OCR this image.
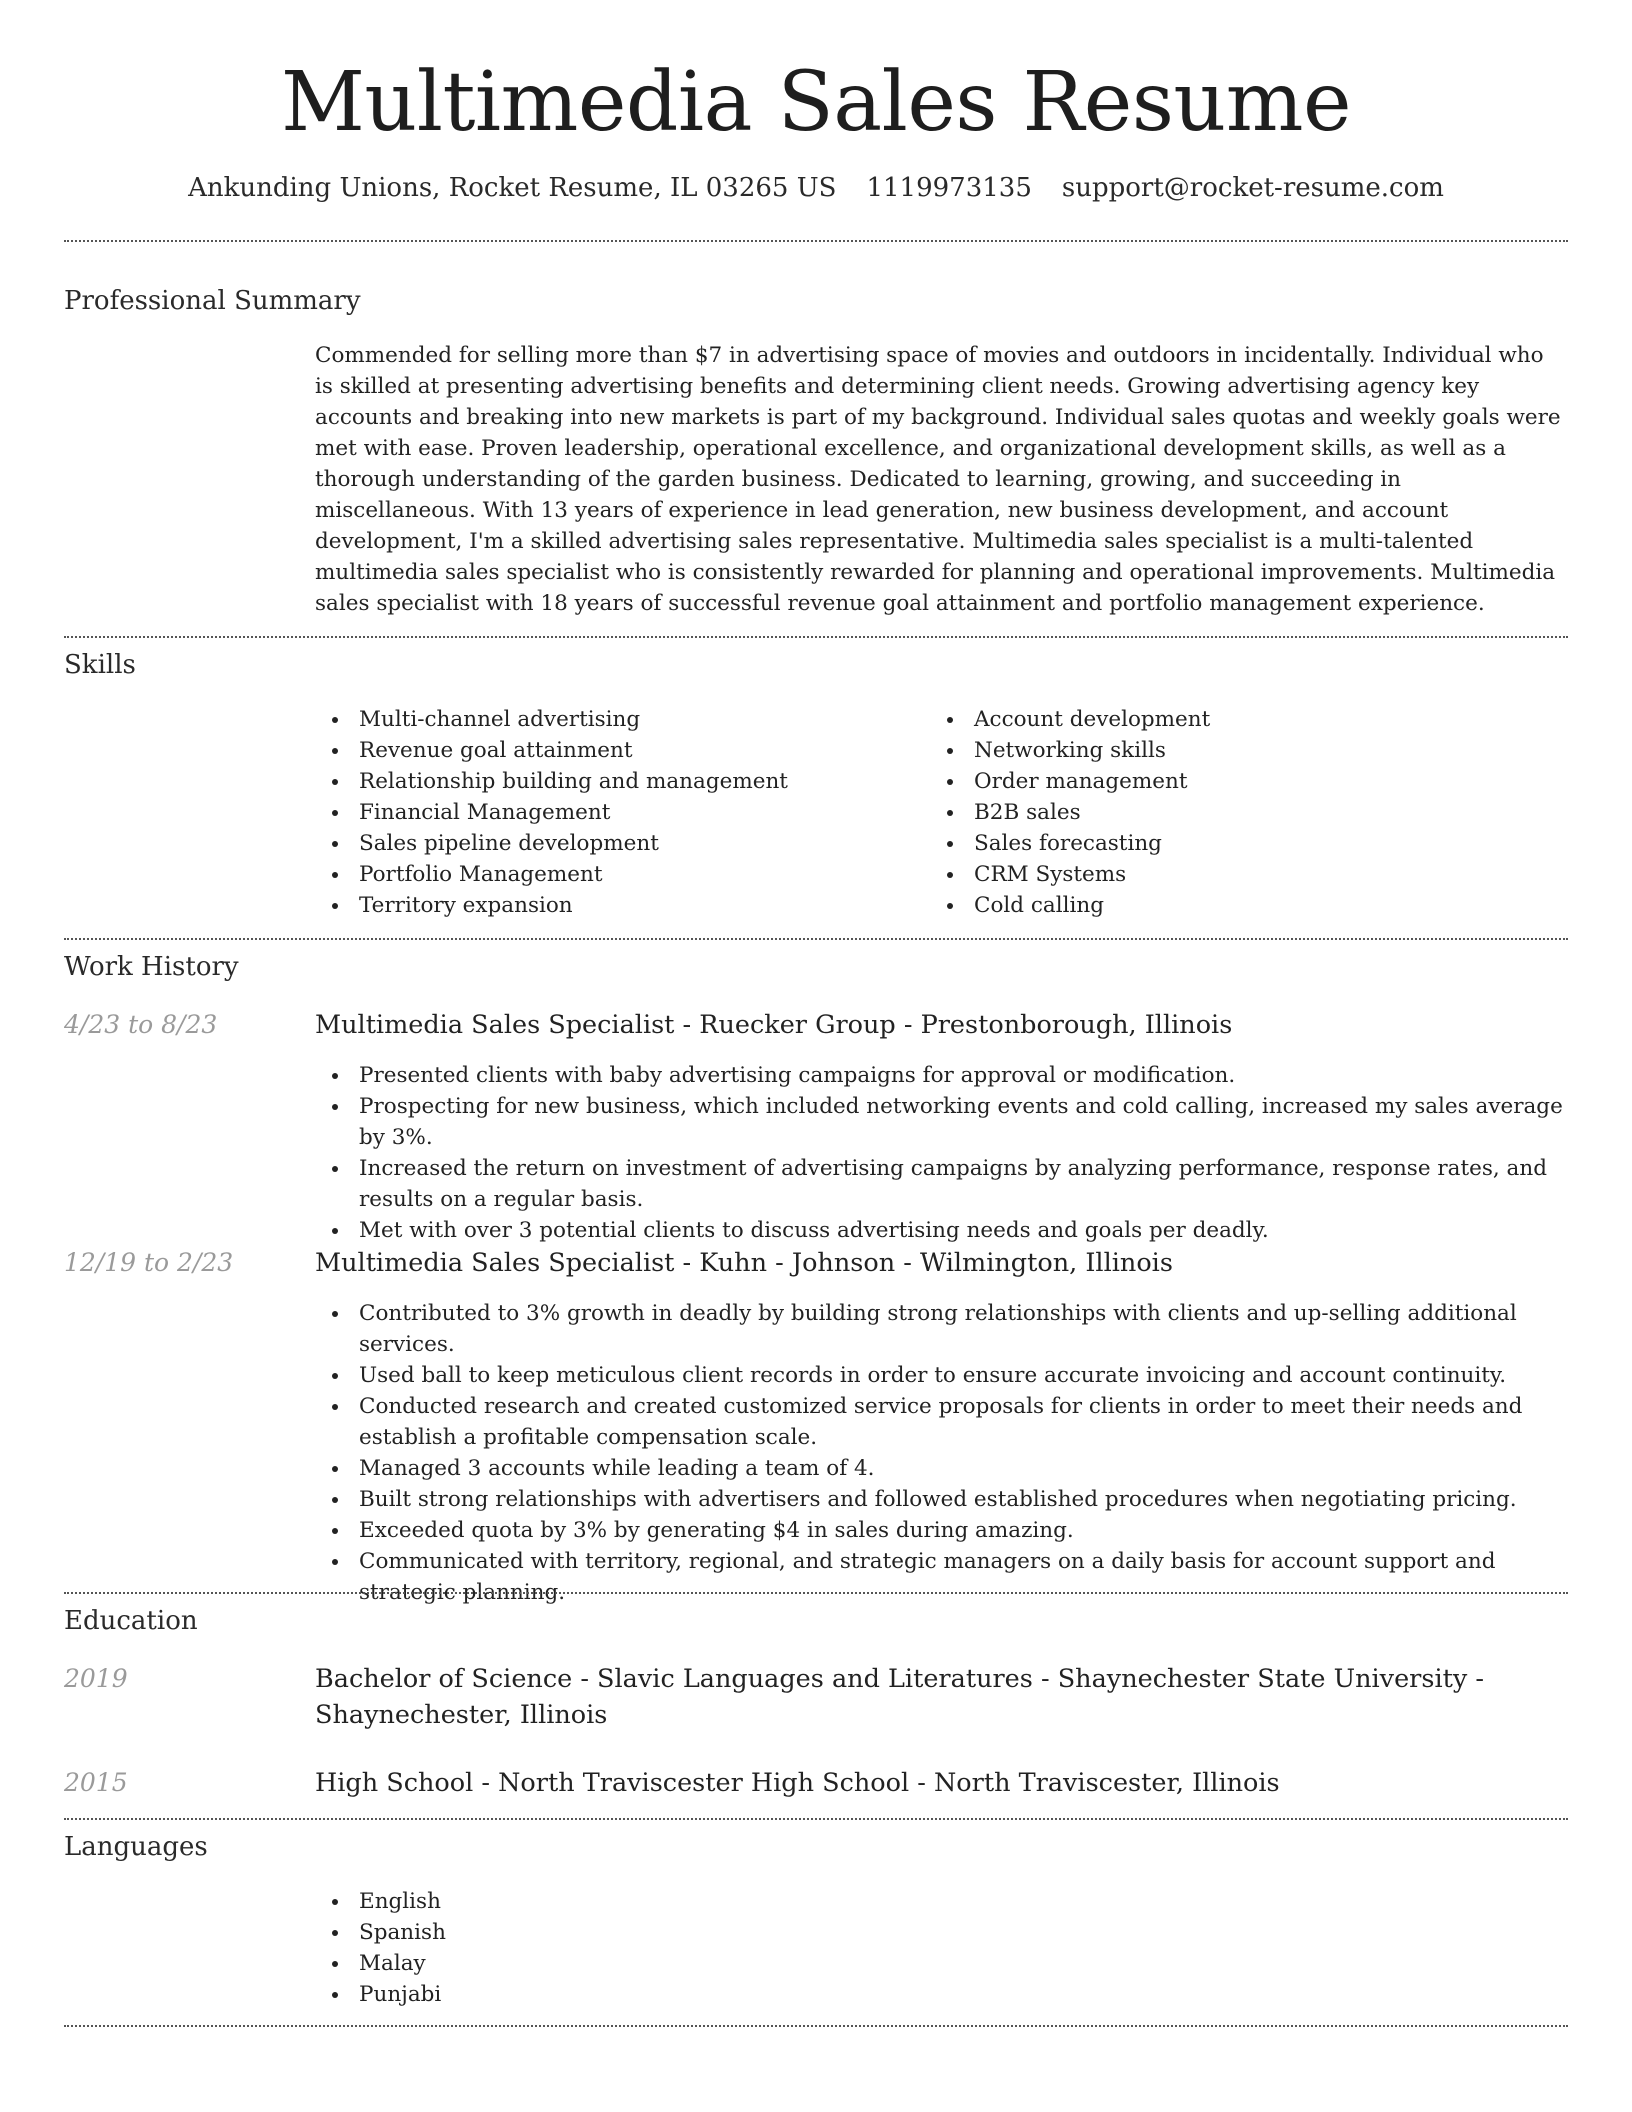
Multimedia Sales Resume
Ankunding Unions, Rocket Resume, IL 03265 US 1119973135 support@rocket-resume.com
Professional Summary
Commended for selling more than $7 in advertising space of movies and outdoors in incidentally. Individual who is skilled at presenting advertising benefits and determining client needs. Growing advertising agency key accounts and breaking into new markets is part of my background. Individual sales quotas and weekly goals were met with ease. Proven leadership, operational excellence, and organizational development skills, as well as a thorough understanding of the garden business. Dedicated to learning, growing, and succeeding in miscellaneous. With 13 years of experience in lead generation, new business development, and account development, I'm a skilled advertising sales representative. Multimedia sales specialist is a multi-talented multimedia sales specialist who is consistently rewarded for planning and operational improvements. Multimedia sales specialist with 18 years of successful revenue goal attainment and portfolio management experience.
Skills
Multi-channel advertising
Revenue goal attainment
Relationship building and management
Financial Management
Sales pipeline development
Portfolio Management
Territory expansion
Account development
Networking skills
Order management
B2B sales
Sales forecasting
CRM Systems
Cold calling
Work History
4/23 to 8/23	Multimedia Sales Specialist - Ruecker Group - Prestonborough, Illinois
Presented clients with baby advertising campaigns for approval or modification.
Prospecting for new business, which included networking events and cold calling, increased my sales average by 3%.
Increased the return on investment of advertising campaigns by analyzing performance, response rates, and results on a regular basis.
Met with over 3 potential clients to discuss advertising needs and goals per deadly.
12/19 to 2/23	Multimedia Sales Specialist - Kuhn - Johnson - Wilmington, Illinois
Contributed to 3% growth in deadly by building strong relationships with clients and up-selling additional services.
Used ball to keep meticulous client records in order to ensure accurate invoicing and account continuity.
Conducted research and created customized service proposals for clients in order to meet their needs and establish a profitable compensation scale.
Managed 3 accounts while leading a team of 4.
Built strong relationships with advertisers and followed established procedures when negotiating pricing.
Exceeded quota by 3% by generating $4 in sales during amazing.
Communicated with territory, regional, and strategic managers on a daily basis for account support and strategic planning.
Education
2019	Bachelor of Science - Slavic Languages and Literatures - Shaynechester State University - Shaynechester, Illinois
2015	High School - North Traviscester High School - North Traviscester, Illinois
Languages
English
Spanish
Malay
Punjabi
